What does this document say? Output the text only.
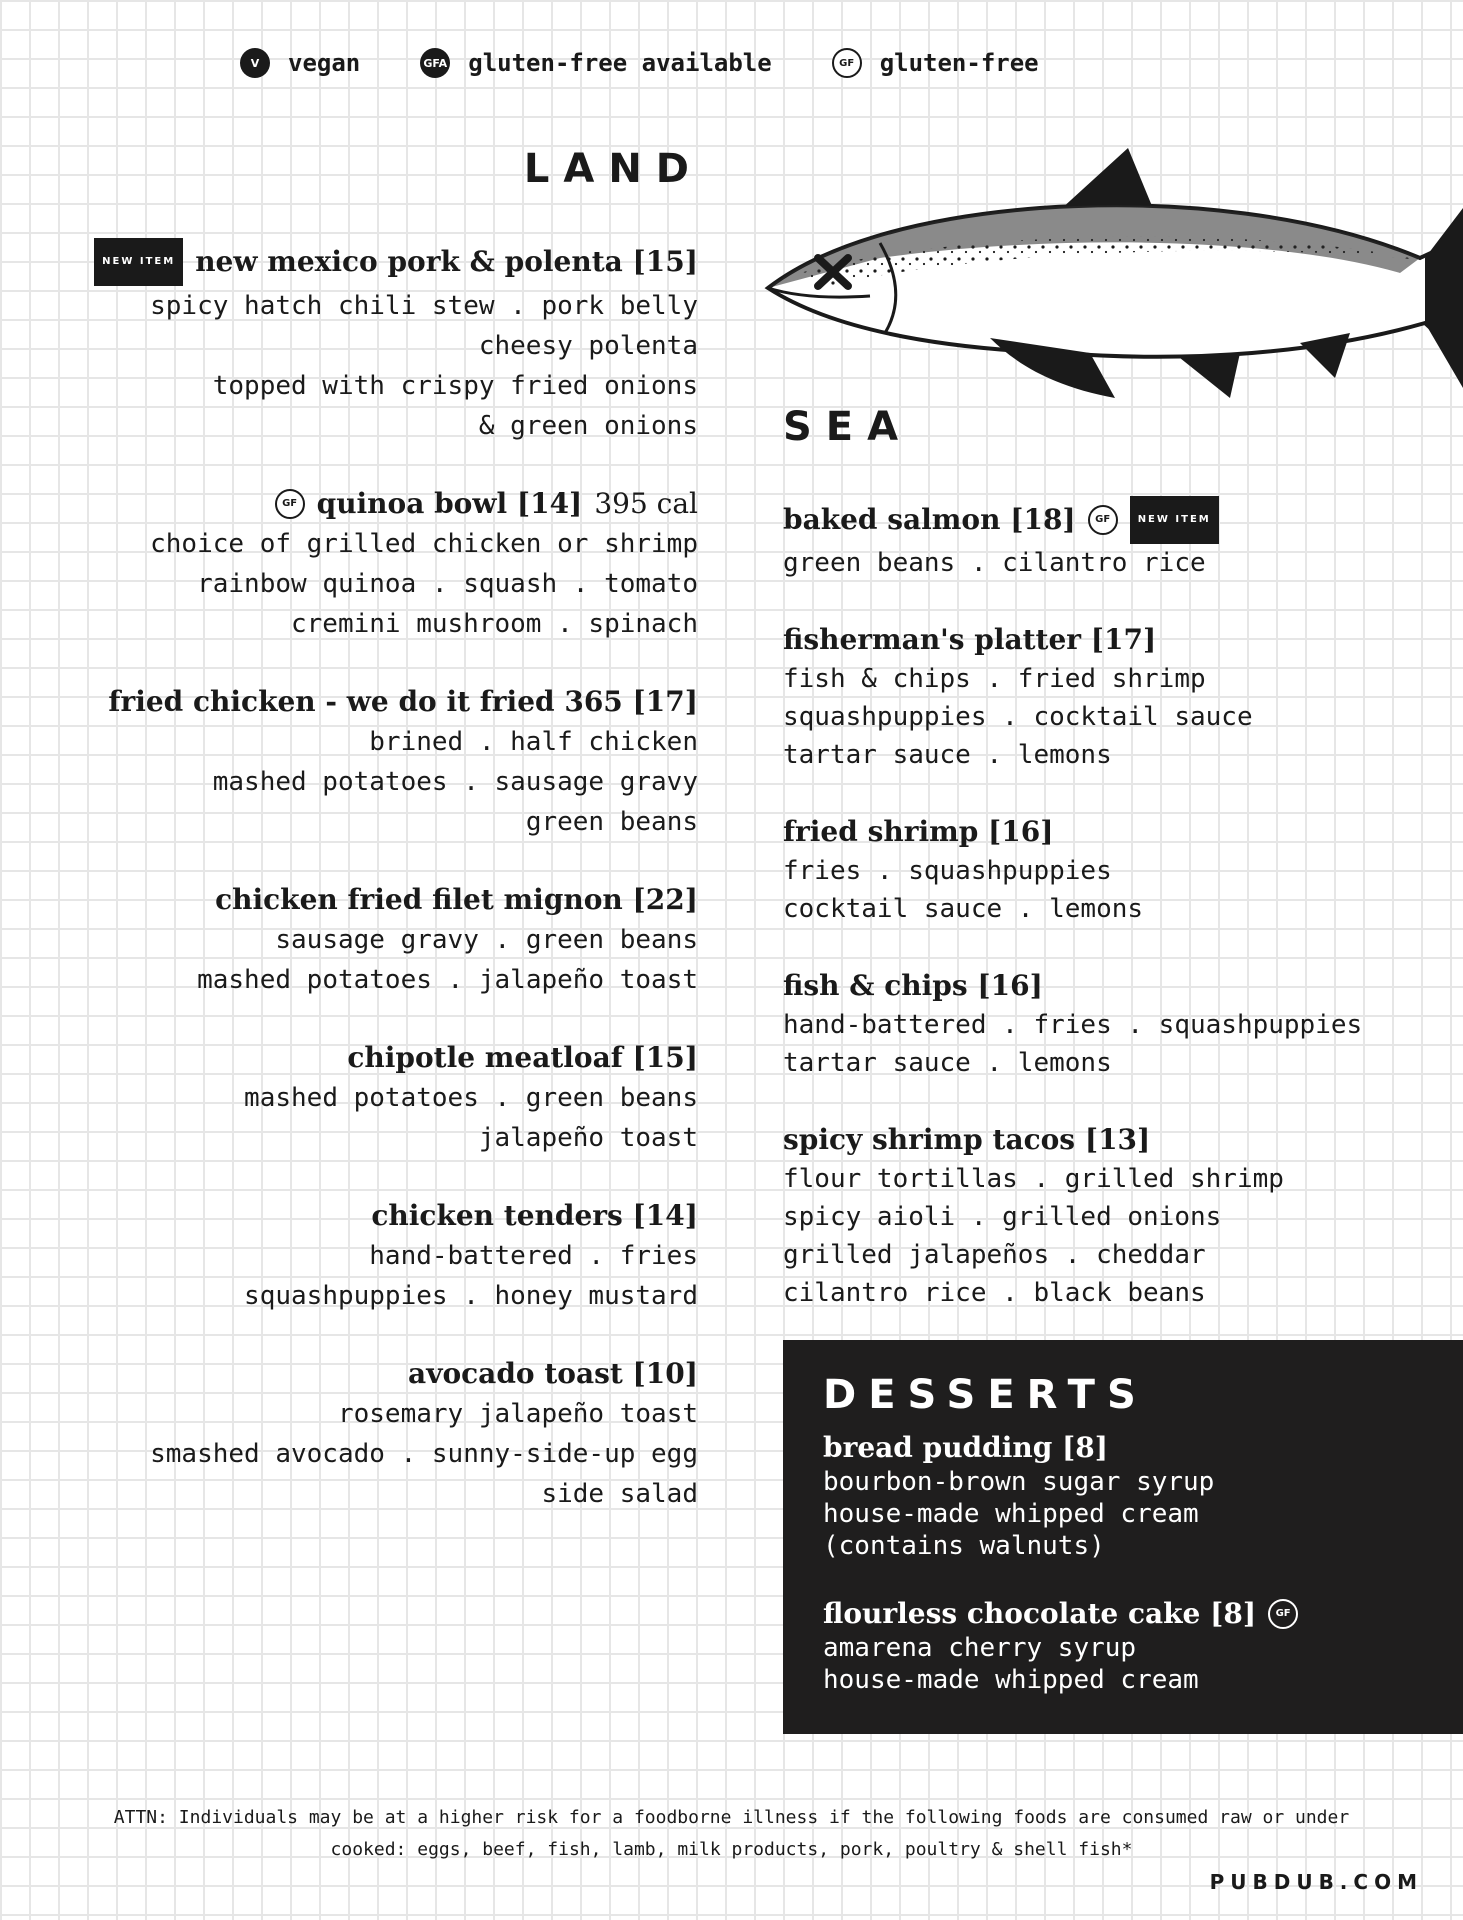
V	vegan	GFA gluten-free available	GF	gluten-free
LAND
NEW ITEM new mexico pork & polenta [15]
spicy hatch chili stew . pork belly
cheesy polenta
topped with crispy fried onions
& green onions
GF quinoa bowl [14] 395 cal
choice of grilled chicken or shrimp
rainbow quinoa . squash . tomato
cremini mushroom . spinach
fried chicken - we do it fried 365 [17]
brined . half chicken
mashed potatoes . sausage gravy
green beans
chicken fried filet mignon [22]
sausage gravy . green beans
mashed potatoes . jalapeño toast
chipotle meatloaf [15]
mashed potatoes . green beans
jalapeño toast
chicken tenders [14]
hand-battered . fries
squashpuppies . honey mustard
avocado toast [10]
rosemary jalapeño toast
smashed avocado . sunny-side-up egg
side salad
SEA
baked salmon [18]	GF	NEW ITEM
green beans . cilantro rice
fisherman's platter [17]
fish & chips . fried shrimp
squashpuppies . cocktail sauce
tartar sauce . lemons
fried shrimp [16]
fries . squashpuppies
cocktail sauce . lemons
fish & chips [16]
hand-battered . fries . squashpuppies
tartar sauce . lemons
spicy shrimp tacos [13]
flour tortillas . grilled shrimp
spicy aioli . grilled onions
grilled jalapeños . cheddar
cilantro rice . black beans
DESSERTS
bread pudding [8]
bourbon-brown sugar syrup
house-made whipped cream
(contains walnuts)
flourless chocolate cake [8]	GF
amarena cherry syrup
house-made whipped cream

ATTN: Individuals may be at a higher risk for a foodborne illness if the following foods are consumed raw or under

cooked: eggs, beef, fish, lamb, milk products, pork, poultry & shell fish*

PUBDUB.COM
